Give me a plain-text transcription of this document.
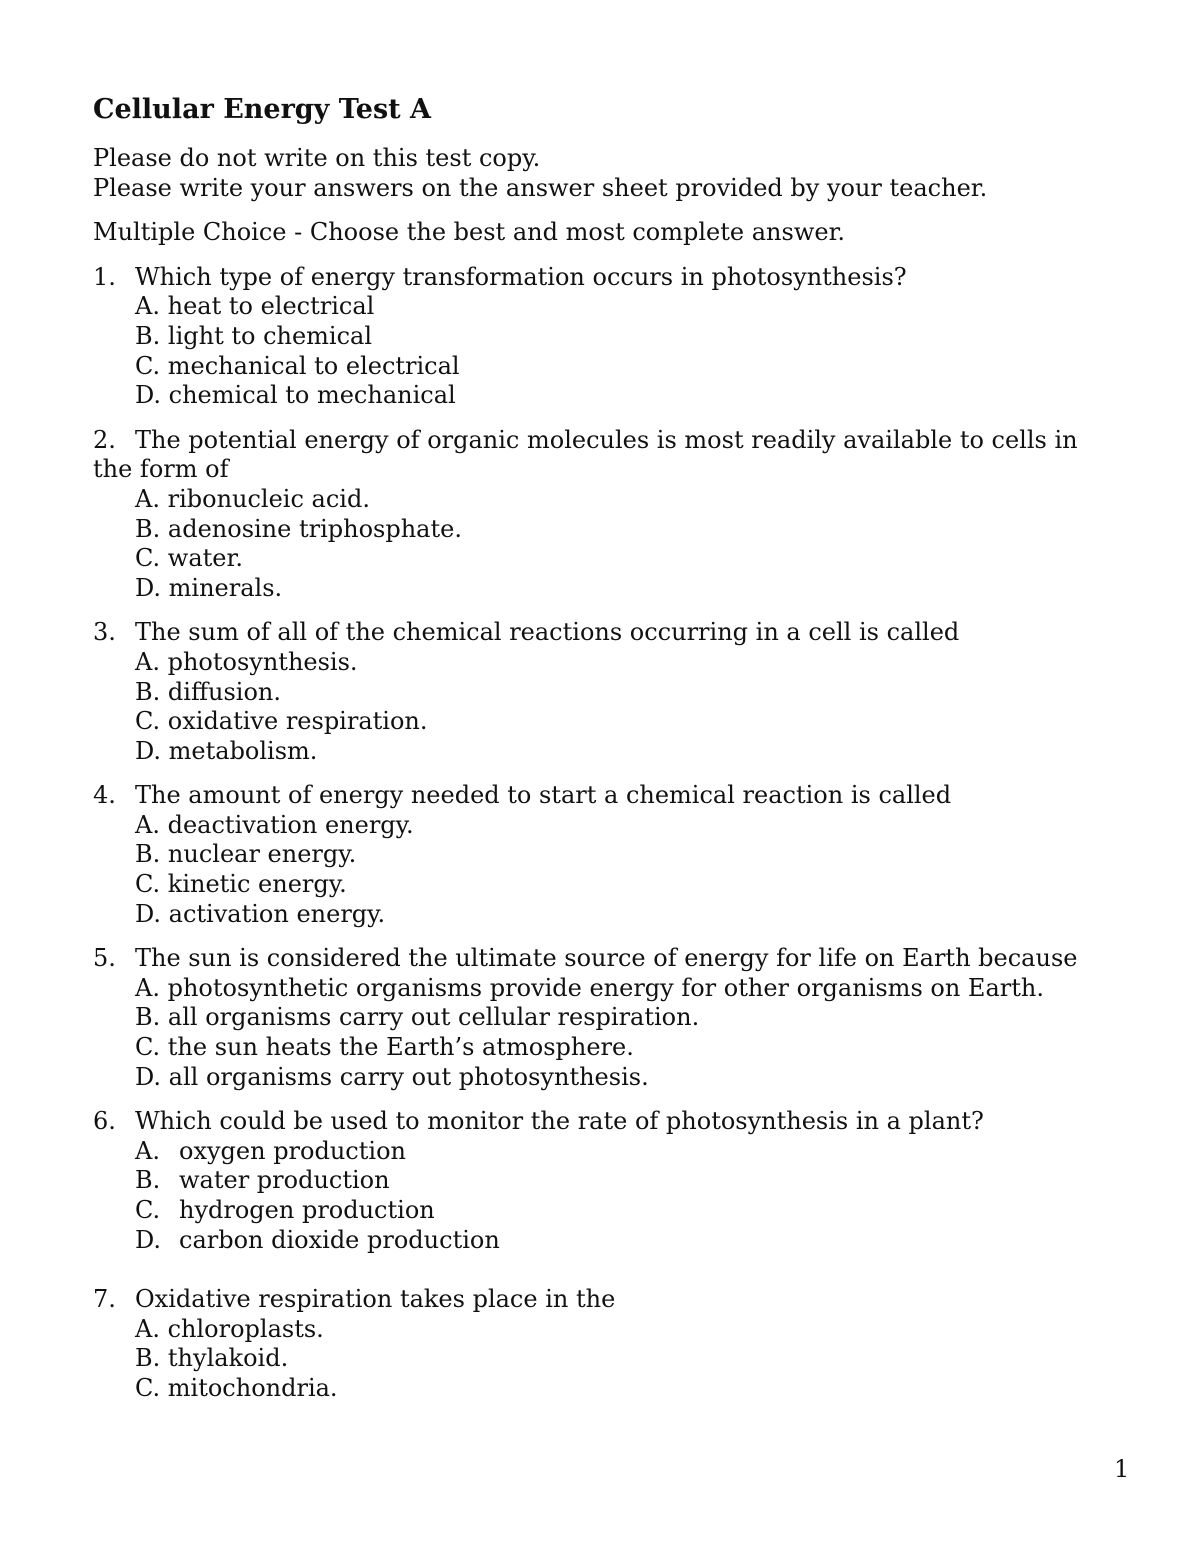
Cellular Energy Test A
Please do not write on this test copy.
Please write your answers on the answer sheet provided by your teacher.
Multiple Choice - Choose the best and most complete answer.
1. Which type of energy transformation occurs in photosynthesis?
A. heat to electrical
B. light to chemical
C. mechanical to electrical
D. chemical to mechanical
2. The potential energy of organic molecules is most readily available to cells in the form of
A. ribonucleic acid.
B. adenosine triphosphate.
C. water.
D. minerals.
3. The sum of all of the chemical reactions occurring in a cell is called
A. photosynthesis.
B. diffusion.
C. oxidative respiration.
D. metabolism.
4. The amount of energy needed to start a chemical reaction is called
A. deactivation energy.
B. nuclear energy.
C. kinetic energy.
D. activation energy.
5. The sun is considered the ultimate source of energy for life on Earth because
A. photosynthetic organisms provide energy for other organisms on Earth.
B. all organisms carry out cellular respiration.
C. the sun heats the Earth’s atmosphere.
D. all organisms carry out photosynthesis.
6. Which could be used to monitor the rate of photosynthesis in a plant?
A. oxygen production
B. water production
C. hydrogen production
D. carbon dioxide production
7. Oxidative respiration takes place in the
A. chloroplasts.
B. thylakoid.
C. mitochondria.
1
